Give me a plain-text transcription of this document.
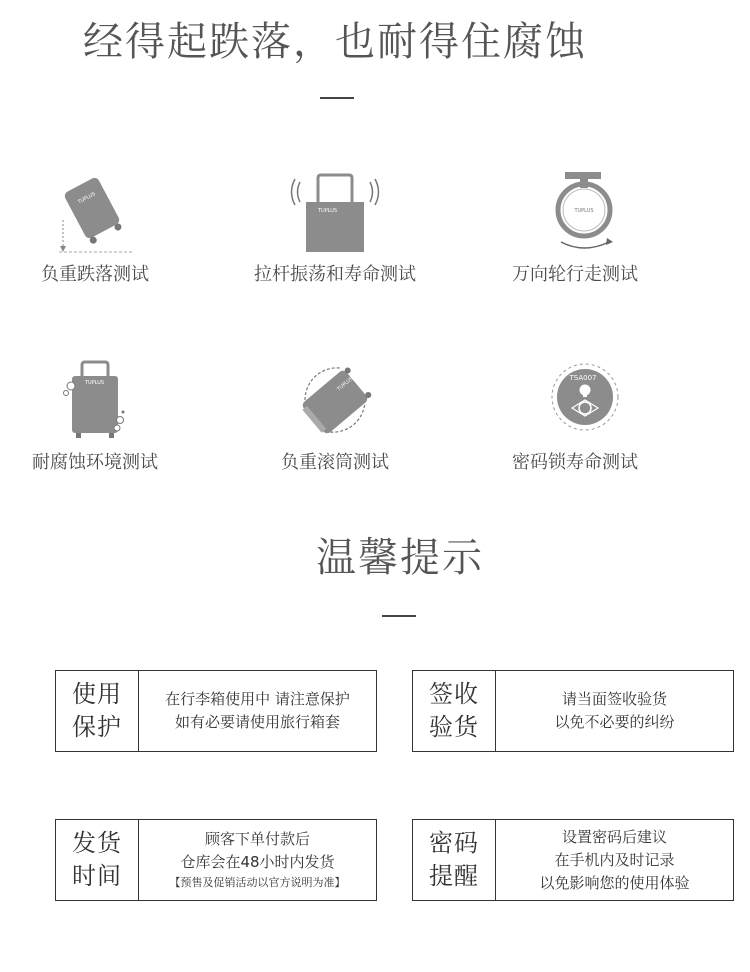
经得起跌落，也耐得住腐蚀
TUPLUS
负重跌落测试
TUPLUS
拉杆振荡和寿命测试
TUPLUS
万向轮行走测试
TUPLUS
耐腐蚀环境测试
TUPLUS
负重滚筒测试
TSA007
密码锁寿命测试
温馨提示
使用
保护
在行李箱使用中 请注意保护
如有必要请使用旅行箱套
签收
验货
请当面签收验货
以免不必要的纠纷
发货
时间
顾客下单付款后
仓库会在48小时内发货
【预售及促销活动以官方说明为准】
密码
提醒
设置密码后建议
在手机内及时记录
以免影响您的使用体验
